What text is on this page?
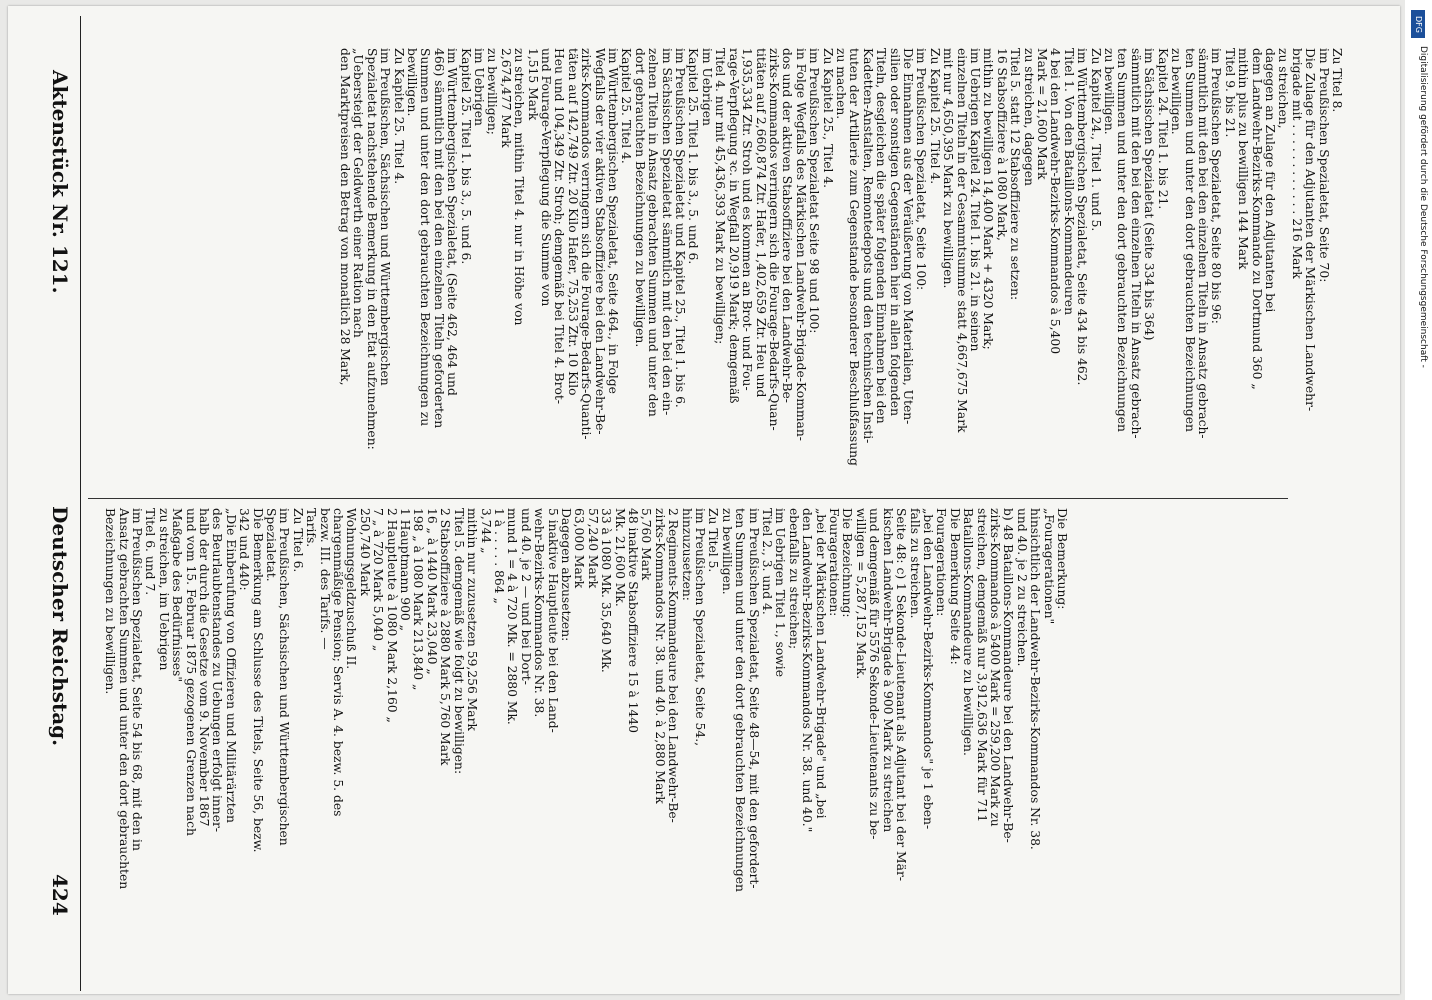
424
Deutscher Reichstag.
Aktenstück Nr. 121.
Die Bemerkung:
„Fouragerationen"
hinsichtlich der Landwehr-Bezirks-Kommandos Nr. 38.
und 40. je 2 zu streichen.
b) 48 Bataillons-Kommandeure bei den Landwehr-Be-
zirks-Kommandos à 5400 Mark = 259,200 Mark zu
streichen, demgemäß nur 3,912,636 Mark für 711
Bataillons-Kommandeure zu bewilligen.
Die Bemerkung Seite 44:
Fouragerationen:
„bei den Landwehr-Bezirks-Kommandos" je 1 eben-
falls zu streichen.
Seite 48: c) 1 Sekonde-Lieutenant als Adjutant bei der Mär-
kischen Landwehr-Brigade à 900 Mark zu streichen
und demgemäß für 5576 Sekonde-Lieutenants zu be-
willigen = 5,287,152 Mark.
Die Bezeichnung:
Fouragerationen:
„bei der Märkischen Landwehr-Brigade" und „bei
den Landwehr-Bezirks-Kommandos Nr. 38. und 40."
ebenfalls zu streichen;
im Uebrigen Titel 1., sowie
Titel 2., 3. und 4.
im Preußischen Spezialetat, Seite 48—54, mit den gefordert-
ten Summen und unter den dort gebrauchten Bezeichnungen
zu bewilligen.
Zu Titel 5.
im Preußischen Spezialetat, Seite 54.,
hinzuzusetzen:
2 Regiments-Kommandeure bei den Landwehr-Be-
zirks-Kommandos Nr. 38. und 40. à 2,880 Mark
5,760 Mark
48 inaktive Stabsoffiziere 15 à 1440
Mk. 21,600 Mk.
33 à 1080 Mk. 35,640 Mk.
57,240 Mark
63,000 Mark
Dagegen abzusetzen:
5 inaktive Hauptleute bei den Land-
wehr-Bezirks-Kommandos Nr. 38.
und 40. je 2 — und bei Dort-
mund 1 = 4 à 720 Mk. = 2880 Mk.
1 à . . . . . 864 „
3,744 „
mithin nur zuzusetzen 59,256 Mark
Titel 5. demgemäß wie folgt zu bewilligen:
2 Stabsoffiziere à 2880 Mark 5,760 Mark
16 „ à 1440 Mark 23,040 „
198 „ à 1080 Mark 213,840 „
1 Hauptmann 900 „
2 Hauptleute à 1080 Mark 2,160 „
7 „ à 720 Mark 5,040 „
250,740 Mark
Wohnungsgeldzuschuß II.
chargenmäßige Pension; Servis A. 4. bezw. 5. des
bezw. III. des Tarifs. —
Tarifs.
Zu Titel 6.
im Preußischen, Sächsischen und Württembergischen
Spezialetat.
Die Bemerkung am Schlusse des Titels, Seite 56, bezw.
342 und 440:
„Die Einberufung von Offizieren und Militärärzten
des Beurlaubtenstandes zu Uebungen erfolgt inner-
halb der durch die Gesetze vom 9. November 1867
und vom 15. Februar 1875 gezogenen Grenzen nach
Maßgabe des Bedürfnisses"
zu streichen, im Uebrigen
Titel 6. und 7.
im Preußischen Spezialetat, Seite 54 bis 68, mit den in
Ansatz gebrachten Summen und unter den dort gebrauchten
Bezeichnungen zu bewilligen.
Zu Titel 8.
im Preußischen Spezialetat, Seite 70:
Die Zulage für den Adjutanten der Märkischen Landwehr-
brigade mit . . . . . . . . . . . . 216 Mark
zu streichen,
dagegen an Zulage für den Adjutanten bei
dem Landwehr-Bezirks-Kommando zu Dortmund 360 „
mithin plus zu bewilligen 144 Mark
Titel 9. bis 21.
im Preußischen Spezialetat, Seite 80 bis 96:
sämmtlich mit den bei den einzelnen Titeln in Ansatz gebrach-
ten Summen und unter den dort gebrauchten Bezeichnungen
zu bewilligen.
Kapitel 24. Titel 1. bis 21.
im Sächsischen Spezialetat (Seite 334 bis 364)
sämmtlich mit den bei den einzelnen Titeln in Ansatz gebrach-
ten Summen und unter den dort gebrauchten Bezeichnungen
zu bewilligen.
Zu Kapitel 24., Titel 1. und 5.
im Württembergischen Spezialetat, Seite 434 bis 462.
Titel 1. Von den Bataillons-Kommandeuren
4 bei den Landwehr-Bezirks-Kommandos à 5,400
Mark = 21,600 Mark
zu streichen, dagegen
Titel 5. statt 12 Stabsoffiziere zu setzen:
16 Stabsoffiziere à 1080 Mark,
mithin zu bewilligen 14,400 Mark + 4320 Mark;
im Uebrigen Kapitel 24. Titel 1. bis 21. in seinen
einzelnen Titeln in der Gesammtsumme statt 4,667,675 Mark
mit nur 4,650,395 Mark zu bewilligen.
Zu Kapitel 25. Titel 4.
im Preußischen Spezialetat, Seite 100:
Die Einnahmen aus der Veräußerung von Materialien, Uten-
silien oder sonstigen Gegenständen hier in allen folgenden
Titeln, desgleichen die später folgenden Einnahmen bei den
Kadetten-Anstalten, Remontedepots und den technischen Insti-
tuten der Artillerie zum Gegenstande besonderer Beschlußfassung
zu machen.
Zu Kapitel 25., Titel 4.
im Preußischen Spezialetat Seite 98 und 100:
in Folge Wegfalls des Märkischen Landwehr-Brigade-Komman-
dos und der aktiven Stabsoffiziere bei den Landwehr-Be-
zirks-Kommandos verringern sich die Fourage-Bedarfs-Quan-
titäten auf 2,660,874 Ztr. Hafer, 1,402,659 Ztr. Heu und
1,935,334 Ztr. Stroh und es kommen an Brot- und Fou-
rage-Verpflegung ꝛc. in Wegfall 20,919 Mark; demgemäß
Titel 4. nur mit 45,436,393 Mark zu bewilligen;
im Uebrigen
Kapitel 25. Titel 1. bis 3., 5. und 6.
im Preußischen Spezialetat und Kapitel 25., Titel 1. bis 6.
im Sächsischen Spezialetat sämmtlich mit den bei den ein-
zelnen Titeln in Ansatz gebrachten Summen und unter den
dort gebrauchten Bezeichnungen zu bewilligen.
Kapitel 25. Titel 4.
im Württembergischen Spezialetat, Seite 464., in Folge
Wegfalls der vier aktiven Stabsoffiziere bei den Landwehr-Be-
zirks-Kommandos verringern sich die Fourage-Bedarfs-Quanti-
täten auf 142,749 Ztr. 20 Kilo Hafer, 75,253 Ztr. 10 Kilo
Heu und 104,349 Ztr. Stroh; demgemäß bei Titel 4. Brot-
und Fourage-Verpflegung die Summe von
1,515 Mark
zu streichen, mithin Titel 4. nur in Höhe von
2,674,477 Mark
zu bewilligen;
im Uebrigen
Kapitel 25. Titel 1. bis 3., 5. und 6.
im Württembergischen Spezialetat, (Seite 462, 464 und
466) sämmtlich mit den bei den einzelnen Titeln geforderten
Summen und unter den dort gebrauchten Bezeichnungen zu
bewilligen.
Zu Kapitel 25. Titel 4.
im Preußischen, Sächsischen und Württembergischen
Spezialetat nachstehende Bemerkung in den Etat aufzunehmen:
„Uebersteigt der Geldwerth einer Ration nach
den Marktpreisen den Betrag von monatlich 28 Mark,
DFG
Digitalisierung gefördert durch die Deutsche Forschungsgemeinschaft -
